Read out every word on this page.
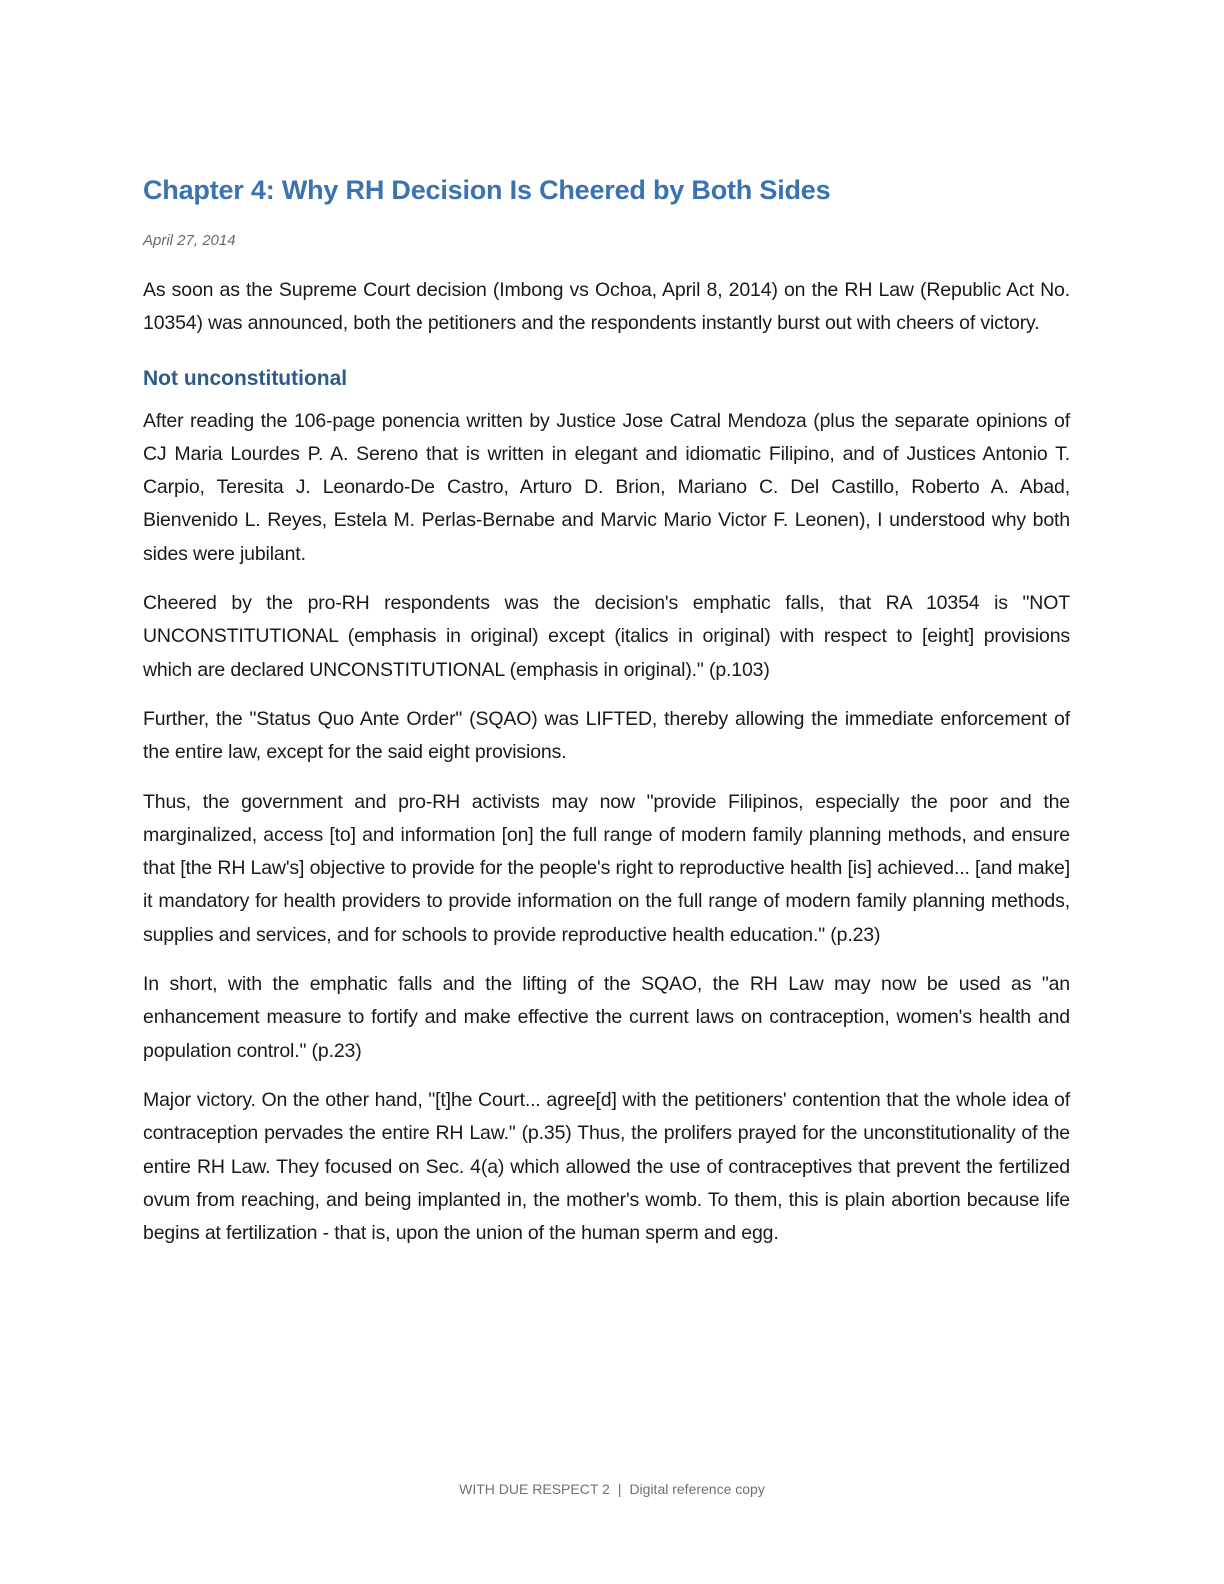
Chapter 4: Why RH Decision Is Cheered by Both Sides

April 27, 2014

As soon as the Supreme Court decision (Imbong vs Ochoa, April 8, 2014) on the RH Law (Republic Act No. 10354) was announced, both the petitioners and the respondents instantly burst out with cheers of victory.

Not unconstitutional

After reading the 106-page ponencia written by Justice Jose Catral Mendoza (plus the separate opinions of CJ Maria Lourdes P. A. Sereno that is written in elegant and idiomatic Filipino, and of Justices Antonio T. Carpio, Teresita J. Leonardo-De Castro, Arturo D. Brion, Mariano C. Del Castillo, Roberto A. Abad, Bienvenido L. Reyes, Estela M. Perlas-Bernabe and Marvic Mario Victor F. Leonen), I understood why both sides were jubilant.

Cheered by the pro-RH respondents was the decision's emphatic falls, that RA 10354 is "NOT UNCONSTITUTIONAL (emphasis in original) except (italics in original) with respect to [eight] provisions which are declared UNCONSTITUTIONAL (emphasis in original)." (p.103)

Further, the "Status Quo Ante Order" (SQAO) was LIFTED, thereby allowing the immediate enforcement of the entire law, except for the said eight provisions.

Thus, the government and pro-RH activists may now "provide Filipinos, especially the poor and the marginalized, access [to] and information [on] the full range of modern family planning methods, and ensure that [the RH Law's] objective to provide for the people's right to reproductive health [is] achieved... [and make] it mandatory for health providers to provide information on the full range of modern family planning methods, supplies and services, and for schools to provide reproductive health education." (p.23)

In short, with the emphatic falls and the lifting of the SQAO, the RH Law may now be used as "an enhancement measure to fortify and make effective the current laws on contraception, women's health and population control." (p.23)

Major victory. On the other hand, "[t]he Court... agree[d] with the petitioners' contention that the whole idea of contraception pervades the entire RH Law." (p.35) Thus, the prolifers prayed for the unconstitutionality of the entire RH Law. They focused on Sec. 4(a) which allowed the use of contraceptives that prevent the fertilized ovum from reaching, and being implanted in, the mother's womb. To them, this is plain abortion because life begins at fertilization - that is, upon the union of the human sperm and egg.

WITH DUE RESPECT 2 | Digital reference copy
